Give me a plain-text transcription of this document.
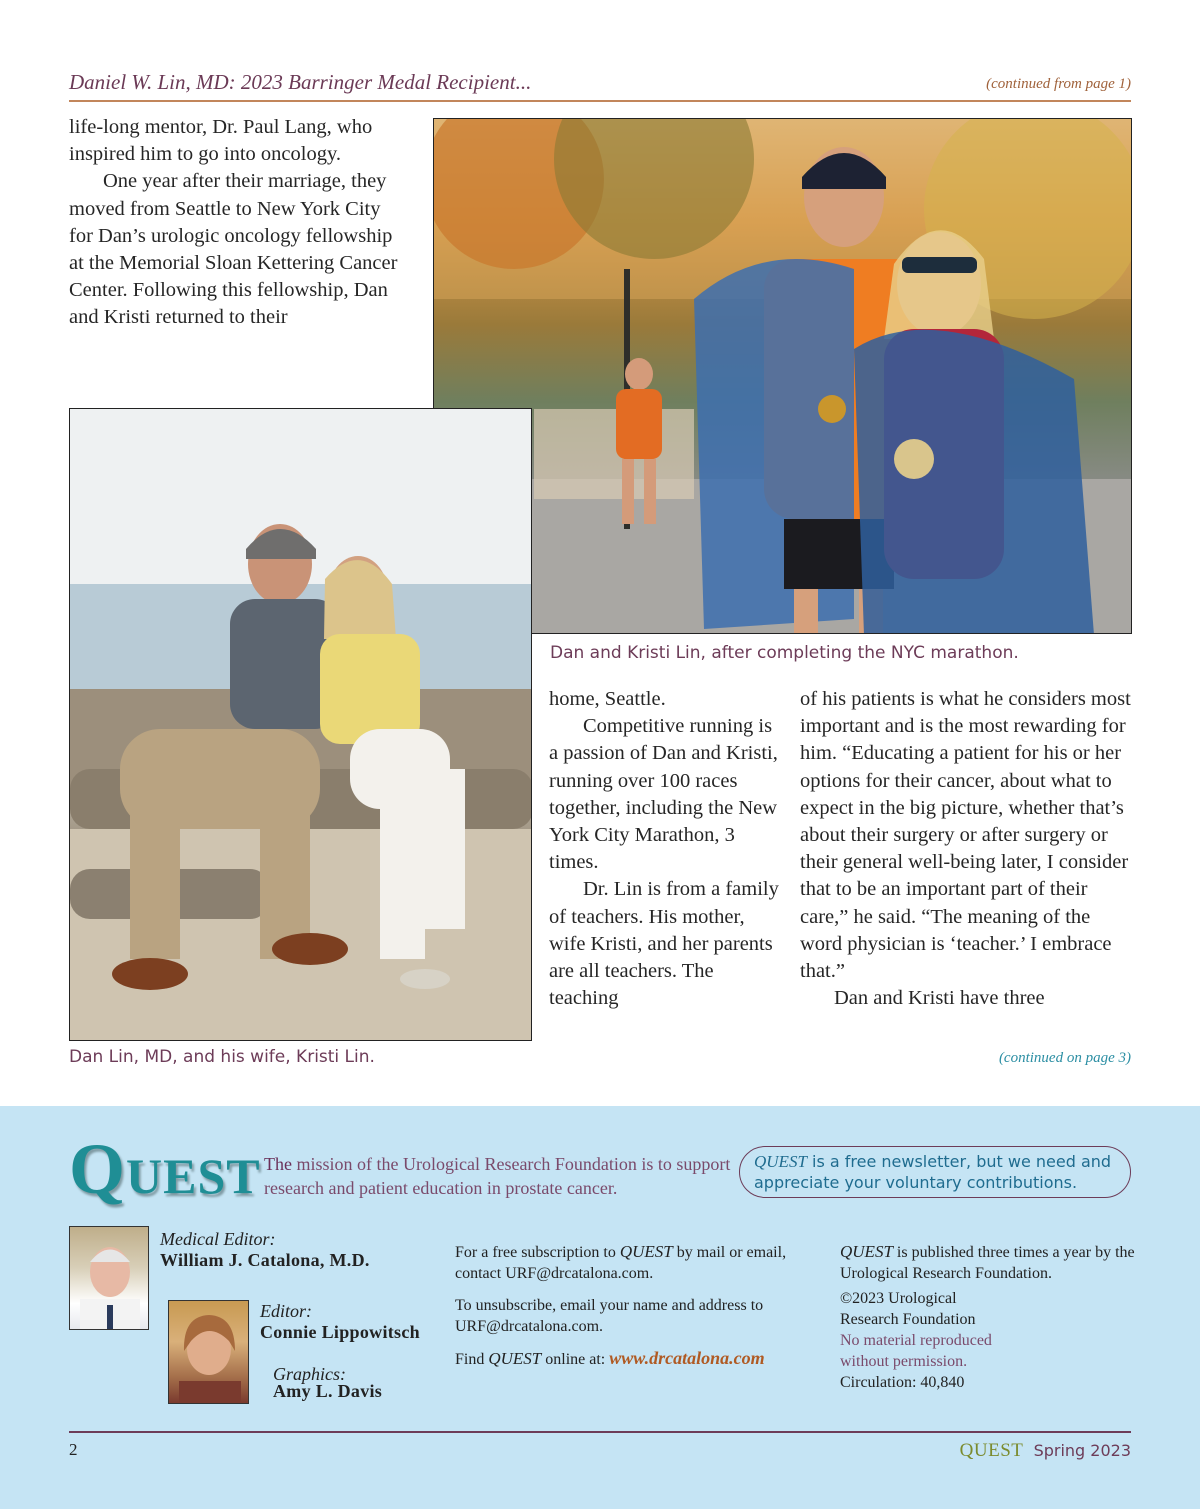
Daniel W. Lin, MD: 2023 Barringer Medal Recipient...	(continued from page 1)

life-long mentor, Dr. Paul Lang, who inspired him to go into oncology.

One year after their marriage, they moved from Seattle to New York City for Dan’s urologic oncology fellowship at the Memorial Sloan Kettering Cancer Center. Following this fellowship, Dan and Kristi returned to their

Dan and Kristi Lin, after completing the NYC marathon.
Dan Lin, MD, and his wife, Kristi Lin.

home, Seattle.

Competitive running is a passion of Dan and Kristi, running over 100 races together, including the New York City Marathon, 3 times.

Dr. Lin is from a family of teachers. His mother, wife Kristi, and her parents are all teachers. The teaching

of his patients is what he considers most important and is the most rewarding for him. “Educating a patient for his or her options for their cancer, about what to expect in the big picture, whether that’s about their surgery or after surgery or their general well-being later, I consider that to be an important part of their care,” he said. “The meaning of the word physician is ‘teacher.’ I embrace that.”

Dan and Kristi have three

(continued on page 3)
QUEST The mission of the Urological Research Foundation is to support research and patient education in prostate cancer.
QUEST is a free newsletter, but we need and appreciate your voluntary contributions.
Medical Editor:
William J. Catalona, M.D.
Editor:
Connie Lippowitsch
Graphics:
Amy L. Davis
For a free subscription to QUEST by mail or email, contact URF@drcatalona.com.
To unsubscribe, email your name and address to URF@drcatalona.com.
Find QUEST online at: www.drcatalona.com
QUEST is published three times a year by the Urological Research Foundation.
©2023 Urological
Research Foundation
No material reproduced
without permission.
Circulation: 40,840
2	QUEST Spring 2023
